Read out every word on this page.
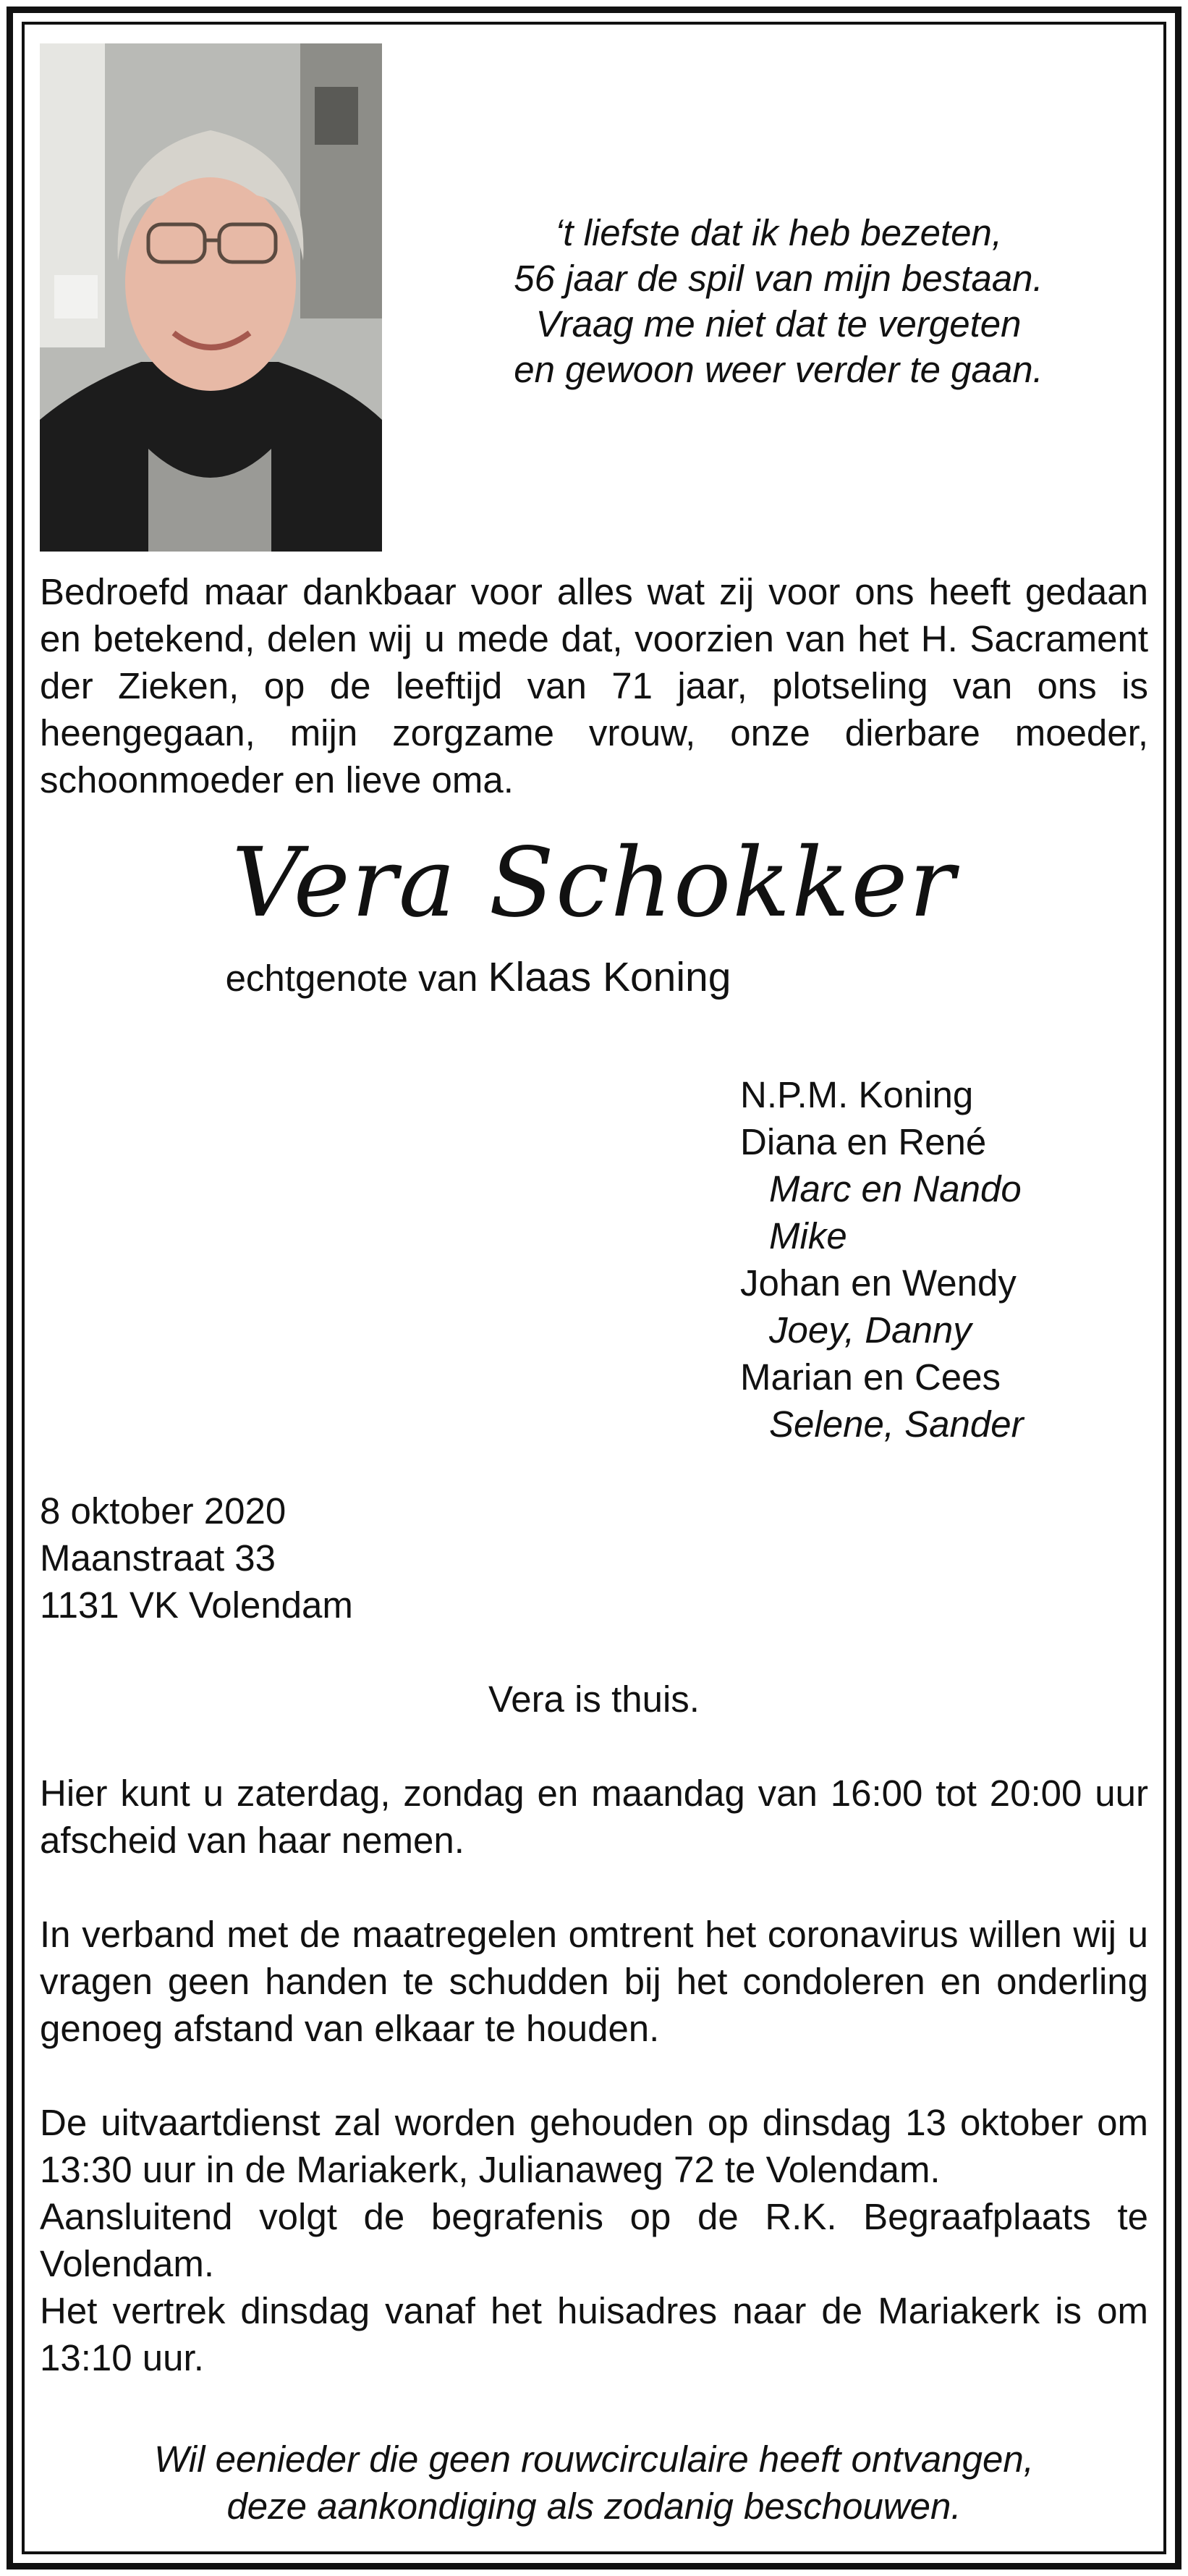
‘t liefste dat ik heb bezeten,
56 jaar de spil van mijn bestaan.
Vraag me niet dat te vergeten
en gewoon weer verder te gaan.

Bedroefd maar dankbaar voor alles wat zij voor ons heeft gedaan en betekend, delen wij u mede dat, voorzien van het H. Sacrament der Zieken, op de leeftijd van 71 jaar, plotseling van ons is heengegaan, mijn zorgzame vrouw, onze dierbare moeder, schoonmoeder en lieve oma.

Vera Schokker
echtgenote van Klaas Koning
N.P.M. Koning
Diana en René
Marc en Nando
Mike
Johan en Wendy
Joey, Danny
Marian en Cees
Selene, Sander
8 oktober 2020
Maanstraat 33
1131 VK Volendam
Vera is thuis.

Hier kunt u zaterdag, zondag en maandag van 16:00 tot 20:00 uur afscheid van haar nemen.

In verband met de maatregelen omtrent het coronavirus willen wij u vragen geen handen te schudden bij het condoleren en onderling genoeg afstand van elkaar te houden.

De uitvaartdienst zal worden gehouden op dinsdag 13 oktober om 13:30 uur in de Mariakerk, Julianaweg 72 te Volendam.

Aansluitend volgt de begrafenis op de R.K. Begraafplaats te Volendam.

Het vertrek dinsdag vanaf het huisadres naar de Mariakerk is om 13:10 uur.

Wil eenieder die geen rouwcirculaire heeft ontvangen,
deze aankondiging als zodanig beschouwen.
